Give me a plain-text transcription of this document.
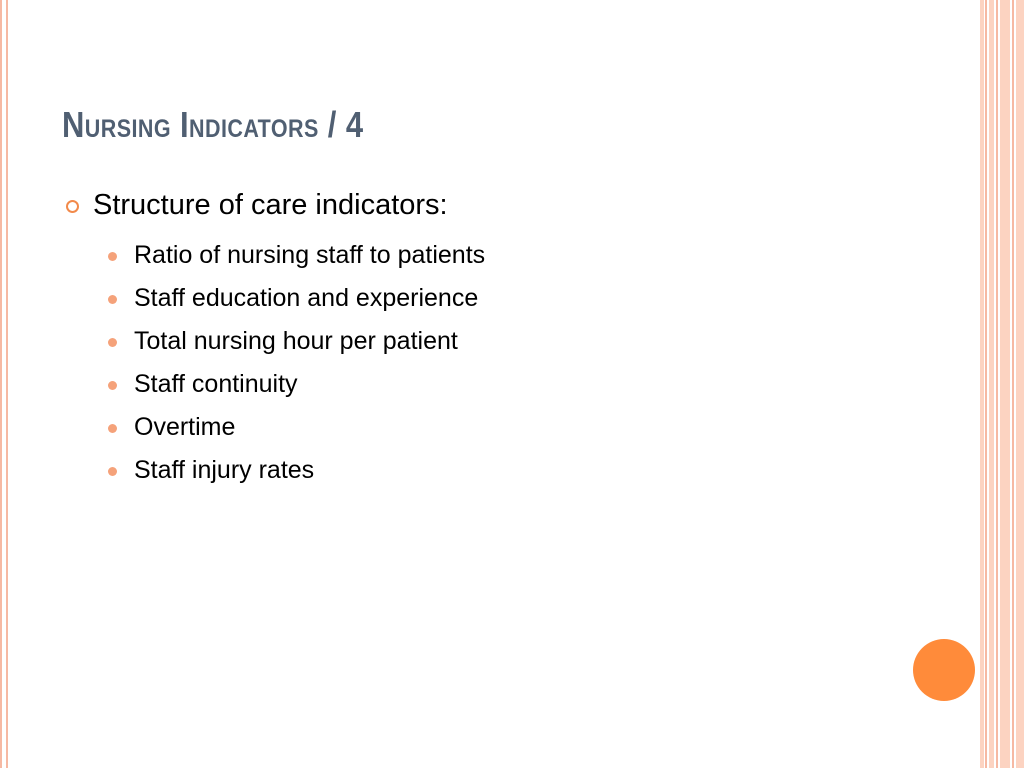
Nursing Indicators / 4
Structure of care indicators:
Ratio of nursing staff to patients
Staff education and experience
Total nursing hour per patient
Staff continuity
Overtime
Staff injury rates
